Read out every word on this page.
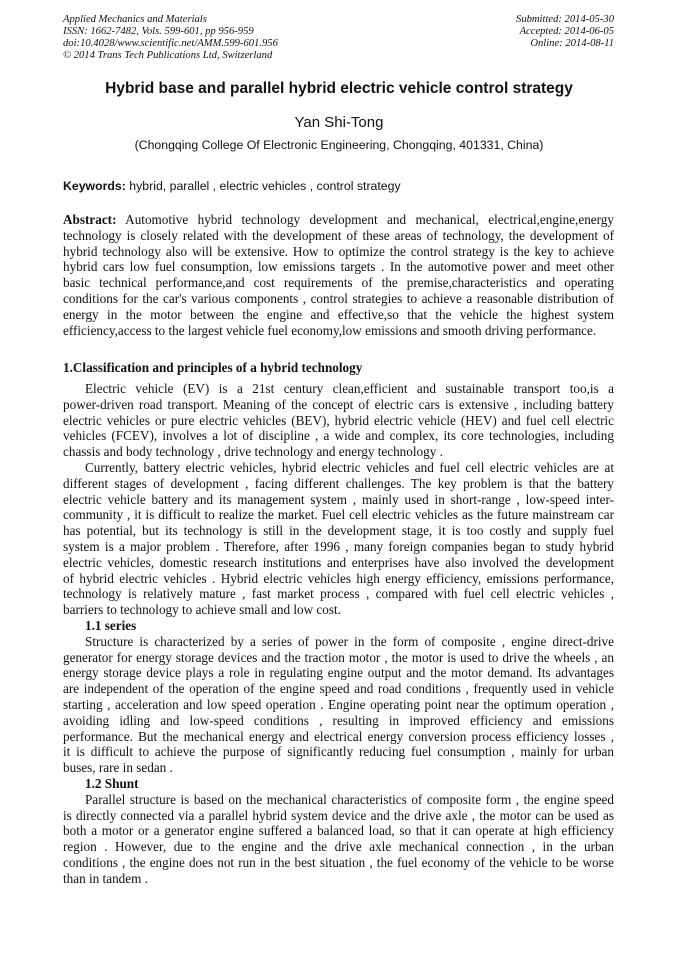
Applied Mechanics and Materials
ISSN: 1662-7482, Vols. 599-601, pp 956-959
doi:10.4028/www.scientific.net/AMM.599-601.956
© 2014 Trans Tech Publications Ltd, Switzerland
Submitted: 2014-05-30
Accepted: 2014-06-05
Online: 2014-08-11
Hybrid base and parallel hybrid electric vehicle control strategy
Yan Shi-Tong
(Chongqing College Of Electronic Engineering, Chongqing, 401331, China)
Keywords: hybrid, parallel , electric vehicles , control strategy
Abstract: Automotive hybrid technology development and mechanical, electrical,engine,energy
technology is closely related with the development of these areas of technology, the development of
hybrid technology also will be extensive. How to optimize the control strategy is the key to achieve
hybrid cars low fuel consumption, low emissions targets . In the automotive power and meet other
basic technical performance,and cost requirements of the premise,characteristics and operating
conditions for the car's various components , control strategies to achieve a reasonable distribution of
energy in the motor between the engine and effective,so that the vehicle the highest system
efficiency,access to the largest vehicle fuel economy,low emissions and smooth driving performance.
1.Classification and principles of a hybrid technology
Electric vehicle (EV) is a 21st century clean,efficient and sustainable transport too,is a
power-driven road transport. Meaning of the concept of electric cars is extensive , including battery
electric vehicles or pure electric vehicles (BEV), hybrid electric vehicle (HEV) and fuel cell electric
vehicles (FCEV), involves a lot of discipline , a wide and complex, its core technologies, including
chassis and body technology , drive technology and energy technology .
Currently, battery electric vehicles, hybrid electric vehicles and fuel cell electric vehicles are at
different stages of development , facing different challenges. The key problem is that the battery
electric vehicle battery and its management system , mainly used in short-range , low-speed inter-
community , it is difficult to realize the market. Fuel cell electric vehicles as the future mainstream car
has potential, but its technology is still in the development stage, it is too costly and supply fuel
system is a major problem . Therefore, after 1996 , many foreign companies began to study hybrid
electric vehicles, domestic research institutions and enterprises have also involved the development
of hybrid electric vehicles . Hybrid electric vehicles high energy efficiency, emissions performance,
technology is relatively mature , fast market process , compared with fuel cell electric vehicles ,
barriers to technology to achieve small and low cost.
1.1 series
Structure is characterized by a series of power in the form of composite , engine direct-drive
generator for energy storage devices and the traction motor , the motor is used to drive the wheels , an
energy storage device plays a role in regulating engine output and the motor demand. Its advantages
are independent of the operation of the engine speed and road conditions , frequently used in vehicle
starting , acceleration and low speed operation . Engine operating point near the optimum operation ,
avoiding idling and low-speed conditions , resulting in improved efficiency and emissions
performance. But the mechanical energy and electrical energy conversion process efficiency losses ,
it is difficult to achieve the purpose of significantly reducing fuel consumption , mainly for urban
buses, rare in sedan .
1.2 Shunt
Parallel structure is based on the mechanical characteristics of composite form , the engine speed
is directly connected via a parallel hybrid system device and the drive axle , the motor can be used as
both a motor or a generator engine suffered a balanced load, so that it can operate at high efficiency
region . However, due to the engine and the drive axle mechanical connection , in the urban
conditions , the engine does not run in the best situation , the fuel economy of the vehicle to be worse
than in tandem .
